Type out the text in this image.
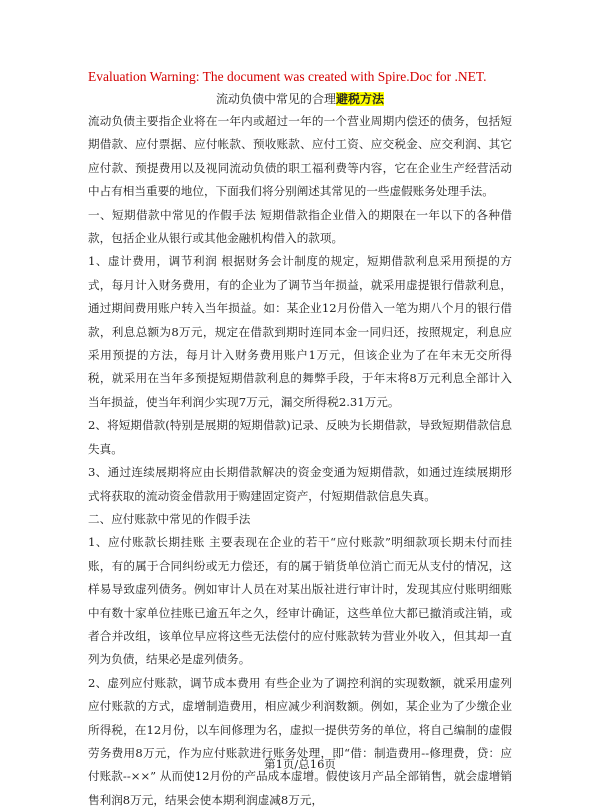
Evaluation Warning: The document was created with Spire.Doc for .NET.
流动负债中常见的合理避税方法

流动负债主要指企业将在一年内或超过一年的一个营业周期内偿还的债务，包括短期借款、应付票据、应付帐款、预收账款、应付工资、应交税金、应交利润、其它应付款、预提费用以及视同流动负债的职工福利费等内容，它在企业生产经营活动中占有相当重要的地位，下面我们将分别阐述其常见的一些虚假账务处理手法。

一、短期借款中常见的作假手法 短期借款指企业借入的期限在一年以下的各种借款，包括企业从银行或其他金融机构借入的款项。

1、虚计费用，调节利润 根据财务会计制度的规定，短期借款利息采用预提的方式，每月计入财务费用，有的企业为了调节当年损益，就采用虚提银行借款利息，通过期间费用账户转入当年损益。如：某企业12月份借入一笔为期八个月的银行借款，利息总额为8万元，规定在借款到期时连同本金一同归还，按照规定，利息应采用预提的方法，每月计入财务费用账户1万元，但该企业为了在年末无交所得税，就采用在当年多预提短期借款利息的舞弊手段，于年末将8万元利息全部计入当年损益，使当年利润少实现7万元，漏交所得税2.31万元。

2、将短期借款(特别是展期的短期借款)记录、反映为长期借款，导致短期借款信息失真。

3、通过连续展期将应由长期借款解决的资金变通为短期借款，如通过连续展期形式将获取的流动资金借款用于购建固定资产，付短期借款信息失真。

二、应付账款中常见的作假手法

1、应付账款长期挂账 主要表现在企业的若干“应付账款”明细款项长期未付而挂账，有的属于合同纠纷或无力偿还，有的属于销货单位消亡而无从支付的情况，这样易导致虚列债务。例如审计人员在对某出版社进行审计时，发现其应付账明细账中有数十家单位挂账已逾五年之久，经审计确证，这些单位大都已撤消或注销，或者合并改组，该单位早应将这些无法偿付的应付账款转为营业外收入，但其却一直列为负债，结果必是虚列债务。

2、虚列应付账款，调节成本费用 有些企业为了调控利润的实现数额，就采用虚列应付账款的方式，虚增制造费用，相应减少利润数额。例如，某企业为了少缴企业所得税，在12月份，以车间修理为名，虚拟一提供劳务的单位，将自己编制的虚假劳务费用8万元，作为应付账款进行账务处理，即“借：制造费用--修理费，贷：应付账款--××” 从而使12月份的产品成本虚增。假使该月产品全部销售，就会虚增销售利润8万元，结果会使本期利润虚减8万元，

第1页/总16页
